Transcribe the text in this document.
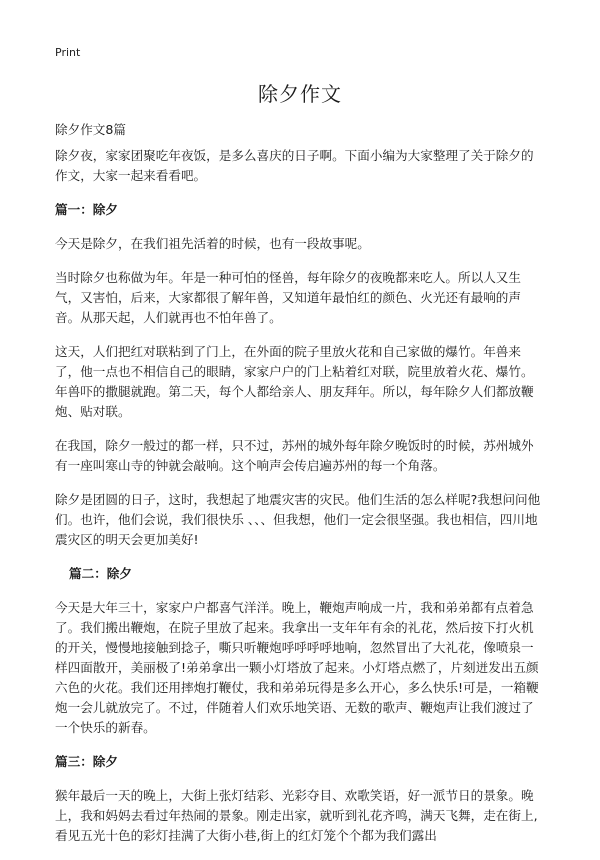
Print
除夕作文

除夕作文8篇

除夕夜，家家团聚吃年夜饭，是多么喜庆的日子啊。下面小编为大家整理了关于除夕的作文，大家一起来看看吧。

篇一：除夕

今天是除夕，在我们祖先活着的时候，也有一段故事呢。

当时除夕也称做为年。年是一种可怕的怪兽，每年除夕的夜晚都来吃人。所以人又生气，又害怕，后来，大家都很了解年兽，又知道年最怕红的颜色、火光还有最响的声音。从那天起，人们就再也不怕年兽了。

这天，人们把红对联粘到了门上，在外面的院子里放火花和自己家做的爆竹。年兽来了，他一点也不相信自己的眼睛，家家户户的门上粘着红对联，院里放着火花、爆竹。年兽吓的撒腿就跑。第二天，每个人都给亲人、朋友拜年。所以，每年除夕人们都放鞭炮、贴对联。

在我国，除夕一般过的都一样，只不过，苏州的城外每年除夕晚饭时的时候，苏州城外有一座叫寒山寺的钟就会敲响。这个响声会传启遍苏州的每一个角落。

除夕是团圆的日子，这时，我想起了地震灾害的灾民。他们生活的怎么样呢?我想问问他们。也许，他们会说，我们很快乐 、、、但我想，他们一定会很坚强。我也相信，四川地震灾区的明天会更加美好!

篇二：除夕

今天是大年三十，家家户户都喜气洋洋。晚上，鞭炮声响成一片，我和弟弟都有点着急了。我们搬出鞭炮，在院子里放了起来。我拿出一支年年有余的礼花，然后按下打火机的开关，慢慢地接触到捻子，嘶只听鞭炮呼呼呼呼地响，忽然冒出了大礼花，像喷泉一样四面散开，美丽极了!弟弟拿出一颗小灯塔放了起来。小灯塔点燃了，片刻迸发出五颜六色的火花。我们还用摔炮打鞭仗，我和弟弟玩得是多么开心，多么快乐!可是，一箱鞭炮一会儿就放完了。不过，伴随着人们欢乐地笑语、无数的歌声、鞭炮声让我们渡过了一个快乐的新春。

篇三：除夕

猴年最后一天的晚上，大街上张灯结彩、光彩夺目、欢歌笑语，好一派节日的景象。晚上，我和妈妈去看过年热闹的景象。刚走出家，就听到礼花齐鸣，满天飞舞，走在街上,看见五光十色的彩灯挂满了大街小巷,街上的红灯笼个个都为我们露出
